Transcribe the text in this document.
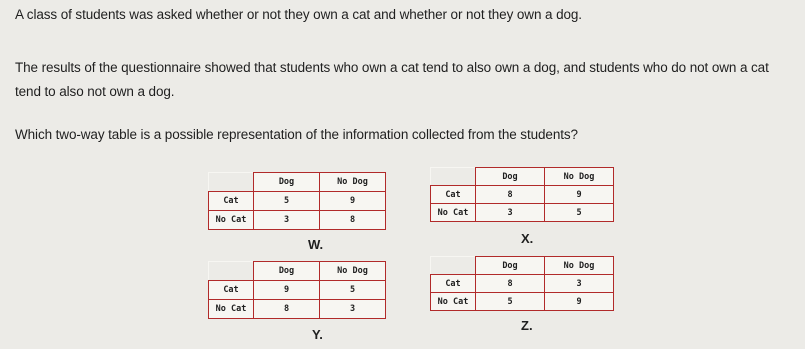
A class of students was asked whether or not they own a cat and whether or not they own a dog.
The results of the questionnaire showed that students who own a cat tend to also own a dog, and students who do not own a cat tend to also not own a dog.
Which two-way table is a possible representation of the information collected from the students?
	Dog	No Dog
Cat	5	9
No Cat	3	8
W.
	Dog	No Dog
Cat	8	9
No Cat	3	5
X.
	Dog	No Dog
Cat	9	5
No Cat	8	3
Y.
	Dog	No Dog
Cat	8	3
No Cat	5	9
Z.
